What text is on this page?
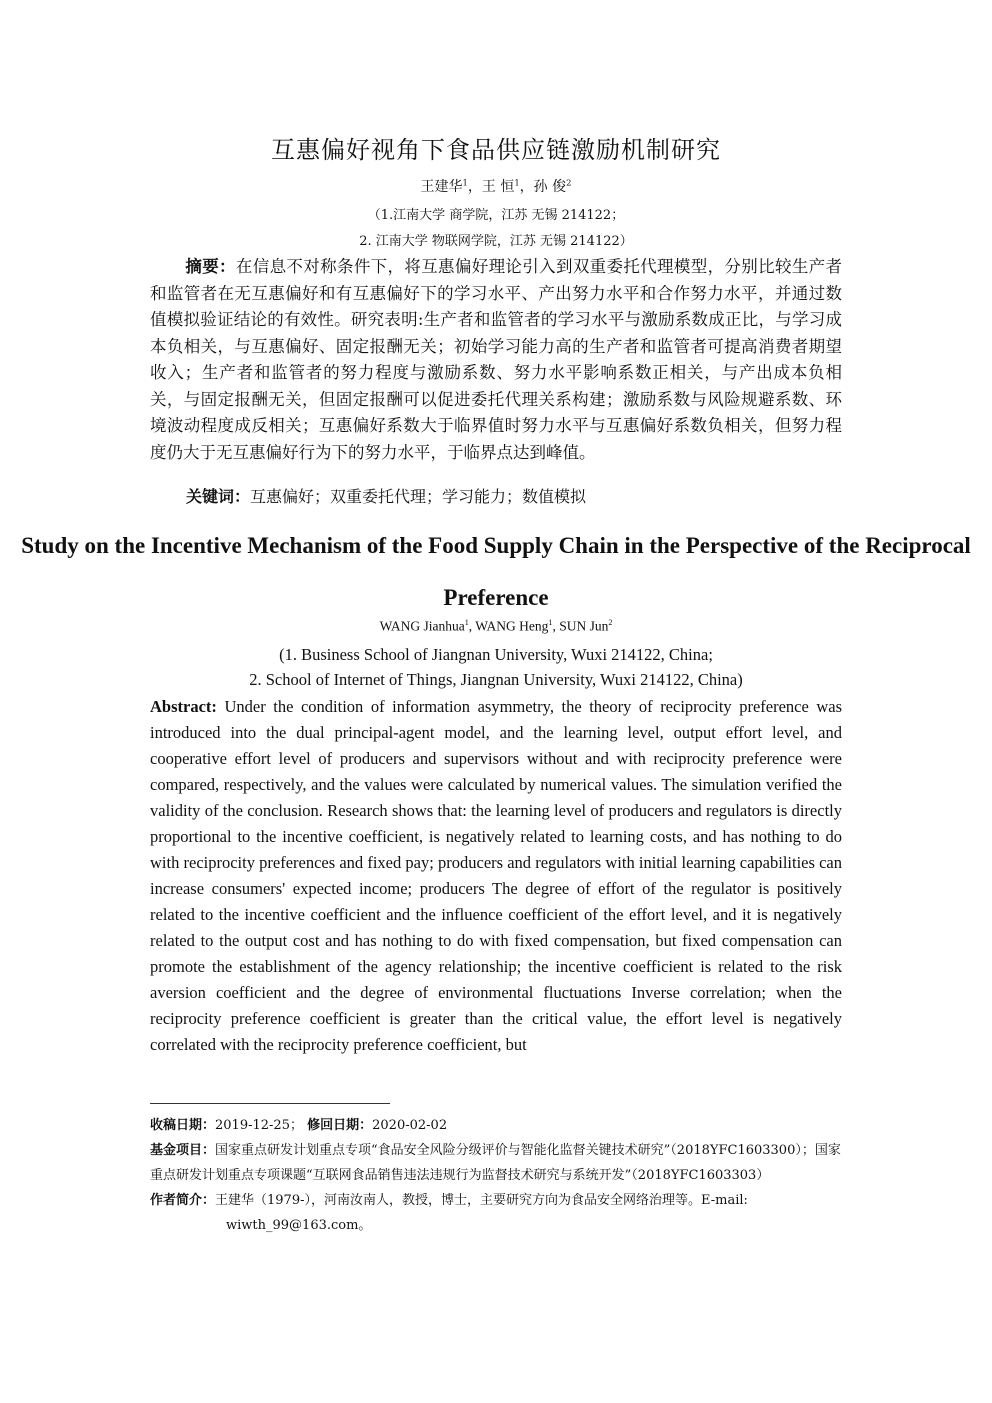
互惠偏好视角下食品供应链激励机制研究
王建华$^1$，王 恒$^1$，孙 俊$^2$
（1.江南大学 商学院，江苏 无锡 214122；
2. 江南大学 物联网学院，江苏 无锡 214122）
摘要：在信息不对称条件下，将互惠偏好理论引入到双重委托代理模型，分别比较生产者和监管者在无互惠偏好和有互惠偏好下的学习水平、产出努力水平和合作努力水平，并通过数值模拟验证结论的有效性。研究表明:生产者和监管者的学习水平与激励系数成正比，与学习成本负相关，与互惠偏好、固定报酬无关；初始学习能力高的生产者和监管者可提高消费者期望收入；生产者和监管者的努力程度与激励系数、努力水平影响系数正相关，与产出成本负相关，与固定报酬无关，但固定报酬可以促进委托代理关系构建；激励系数与风险规避系数、环境波动程度成反相关；互惠偏好系数大于临界值时努力水平与互惠偏好系数负相关，但努力程度仍大于无互惠偏好行为下的努力水平，于临界点达到峰值。
关键词：互惠偏好；双重委托代理；学习能力；数值模拟
Study on the Incentive Mechanism of the Food Supply Chain in the Perspective of the Reciprocal Preference
WANG Jianhua$^1$, WANG Heng$^1$, SUN Jun$^2$
(1. Business School of Jiangnan University, Wuxi 214122, China;
2. School of Internet of Things, Jiangnan University, Wuxi 214122, China)
Abstract: Under the condition of information asymmetry, the theory of reciprocity preference was introduced into the dual principal-agent model, and the learning level, output effort level, and cooperative effort level of producers and supervisors without and with reciprocity preference were compared, respectively, and the values were calculated by numerical values. The simulation verified the validity of the conclusion. Research shows that: the learning level of producers and regulators is directly proportional to the incentive coefficient, is negatively related to learning costs, and has nothing to do with reciprocity preferences and fixed pay; producers and regulators with initial learning capabilities can increase consumers' expected income; producers The degree of effort of the regulator is positively related to the incentive coefficient and the influence coefficient of the effort level, and it is negatively related to the output cost and has nothing to do with fixed compensation, but fixed compensation can promote the establishment of the agency relationship; the incentive coefficient is related to the risk aversion coefficient and the degree of environmental fluctuations Inverse correlation; when the reciprocity preference coefficient is greater than the critical value, the effort level is negatively correlated with the reciprocity preference coefficient, but

收稿日期：2019-12-25； 修回日期：2020-02-02

基金项目：国家重点研发计划重点专项“食品安全风险分级评价与智能化监督关键技术研究”（2018YFC1603300）；国家重点研发计划重点专项课题“互联网食品销售违法违规行为监督技术研究与系统开发”（2018YFC1603303）

作者简介：王建华（1979-），河南汝南人，教授，博士，主要研究方向为食品安全网络治理等。E-mail:

wiwth_99@163.com。
